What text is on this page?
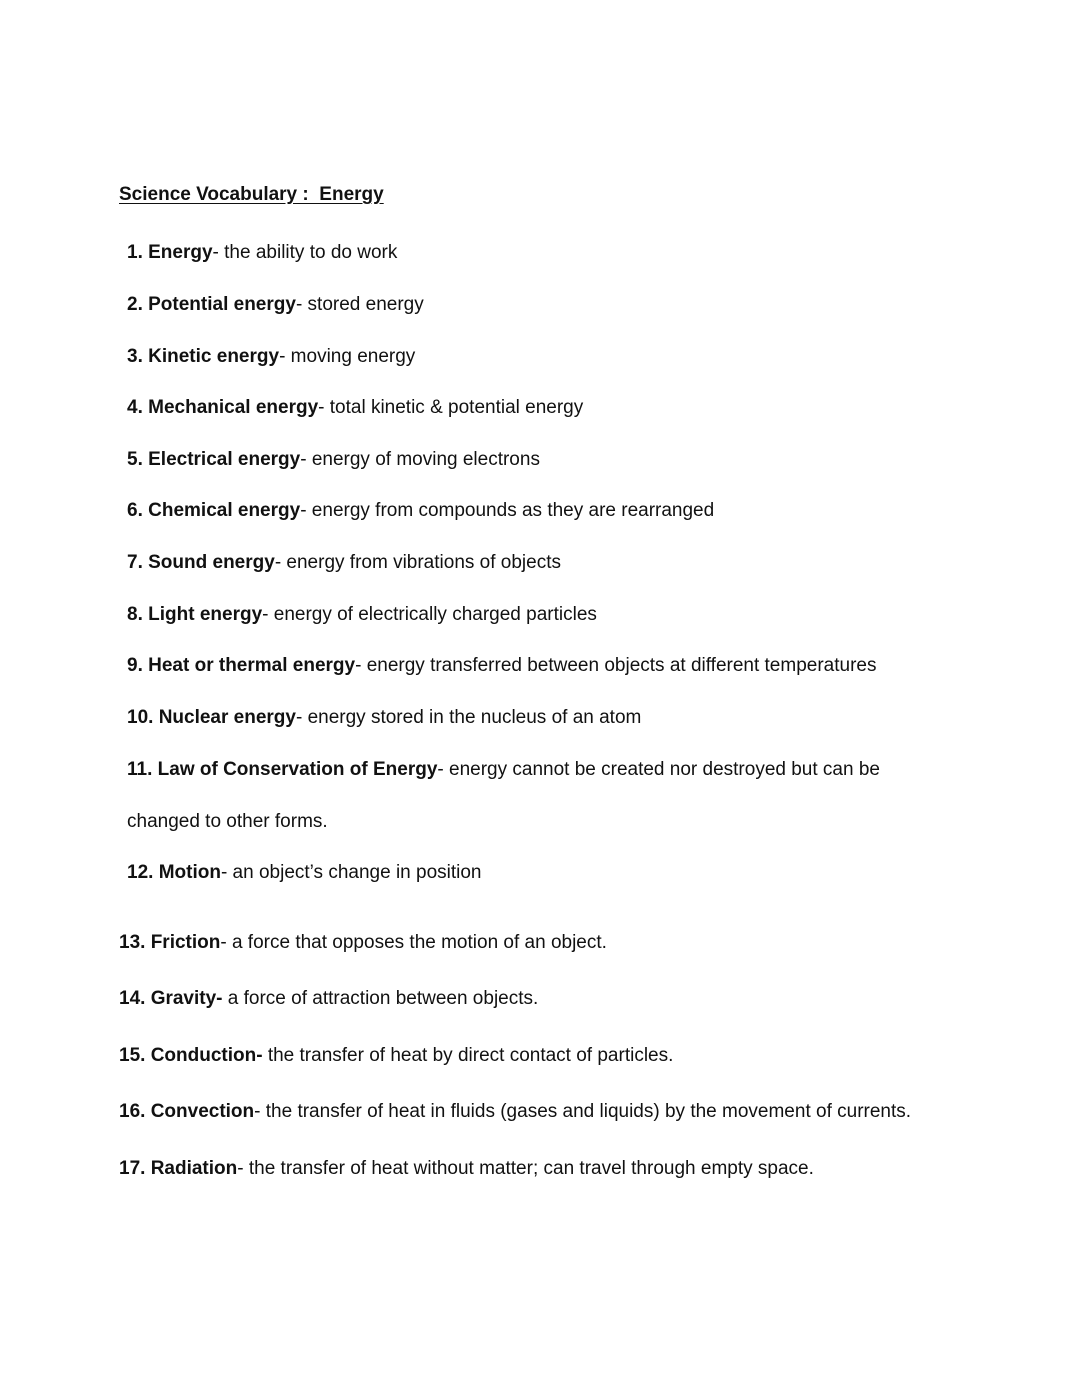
Science Vocabulary :  Energy
1. Energy- the ability to do work
2. Potential energy- stored energy
3. Kinetic energy- moving energy
4. Mechanical energy- total kinetic & potential energy
5. Electrical energy- energy of moving electrons
6. Chemical energy- energy from compounds as they are rearranged
7. Sound energy- energy from vibrations of objects
8. Light energy- energy of electrically charged particles
9. Heat or thermal energy- energy transferred between objects at different temperatures
10. Nuclear energy- energy stored in the nucleus of an atom
11. Law of Conservation of Energy- energy cannot be created nor destroyed but can be
changed to other forms.
12. Motion- an object’s change in position
13. Friction- a force that opposes the motion of an object.
14. Gravity- a force of attraction between objects.
15. Conduction- the transfer of heat by direct contact of particles.
16. Convection- the transfer of heat in fluids (gases and liquids) by the movement of currents.
17. Radiation- the transfer of heat without matter; can travel through empty space.
